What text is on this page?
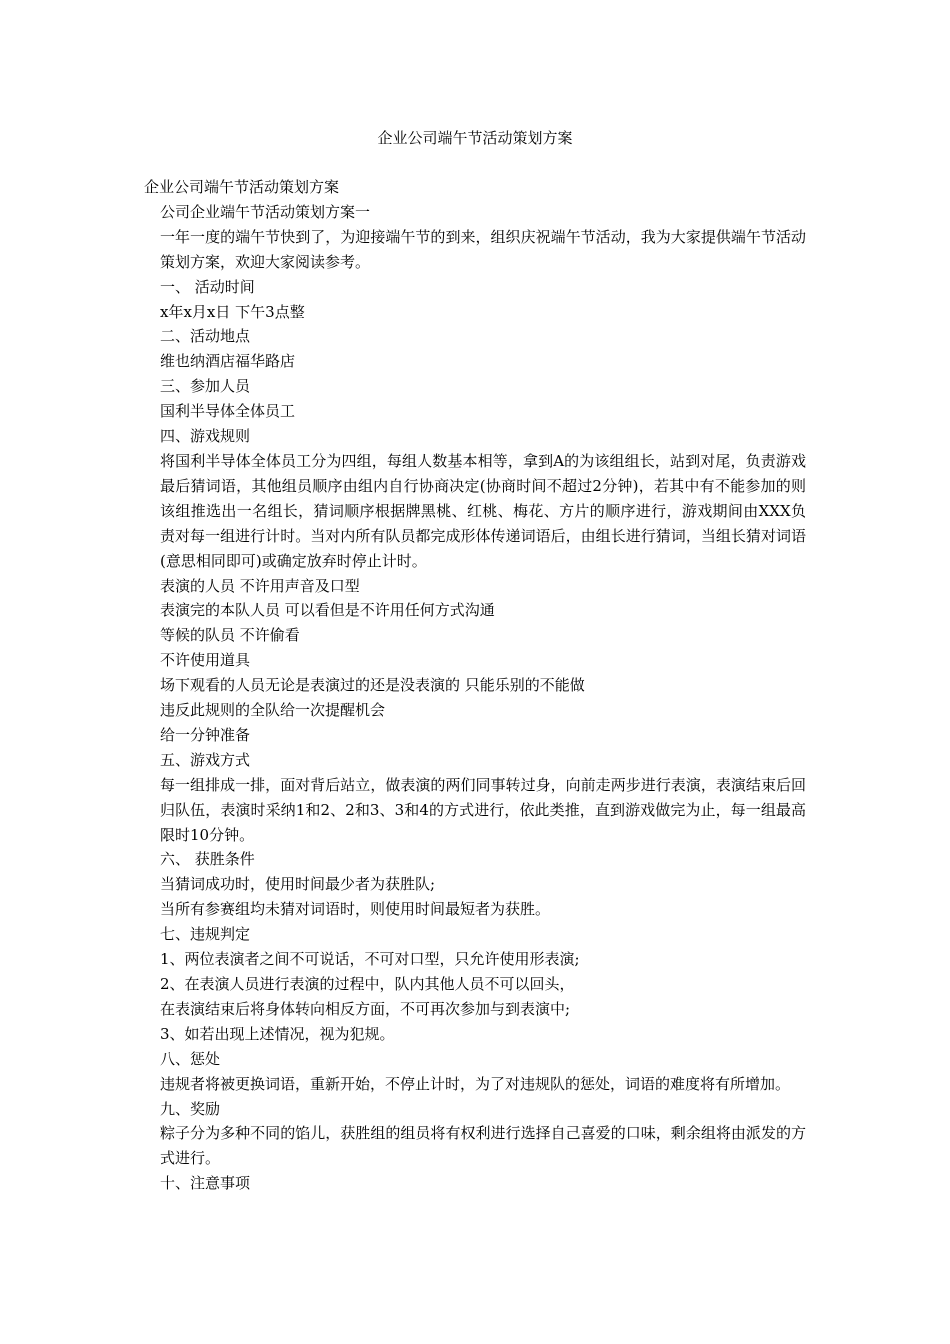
企业公司端午节活动策划方案

企业公司端午节活动策划方案

公司企业端午节活动策划方案一

一年一度的端午节快到了，为迎接端午节的到来，组织庆祝端午节活动，我为大家提供端午节活动策划方案，欢迎大家阅读参考。

一、 活动时间

x年x月x日 下午3点整

二、活动地点

维也纳酒店福华路店

三、参加人员

国利半导体全体员工

四、游戏规则

将国利半导体全体员工分为四组，每组人数基本相等，拿到A的为该组组长，站到对尾，负责游戏最后猜词语，其他组员顺序由组内自行协商决定(协商时间不超过2分钟)，若其中有不能参加的则该组推选出一名组长，猜词顺序根据牌黑桃、红桃、梅花、方片的顺序进行，游戏期间由XXX负责对每一组进行计时。当对内所有队员都完成形体传递词语后，由组长进行猜词，当组长猜对词语(意思相同即可)或确定放弃时停止计时。

表演的人员 不许用声音及口型

表演完的本队人员 可以看但是不许用任何方式沟通

等候的队员 不许偷看

不许使用道具

场下观看的人员无论是表演过的还是没表演的 只能乐别的不能做

违反此规则的全队给一次提醒机会

给一分钟准备

五、游戏方式

每一组排成一排，面对背后站立，做表演的两们同事转过身，向前走两步进行表演，表演结束后回归队伍，表演时采纳1和2、2和3、3和4的方式进行，依此类推，直到游戏做完为止，每一组最高限时10分钟。

六、 获胜条件

当猜词成功时，使用时间最少者为获胜队;

当所有参赛组均未猜对词语时，则使用时间最短者为获胜。

七、违规判定

1、两位表演者之间不可说话，不可对口型，只允许使用形表演;

2、在表演人员进行表演的过程中，队内其他人员不可以回头，

在表演结束后将身体转向相反方面，不可再次参加与到表演中;

3、如若出现上述情况，视为犯规。

八、惩处

违规者将被更换词语，重新开始，不停止计时，为了对违规队的惩处，词语的难度将有所增加。

九、奖励

粽子分为多种不同的馅儿，获胜组的组员将有权利进行选择自己喜爱的口味，剩余组将由派发的方式进行。

十、注意事项
